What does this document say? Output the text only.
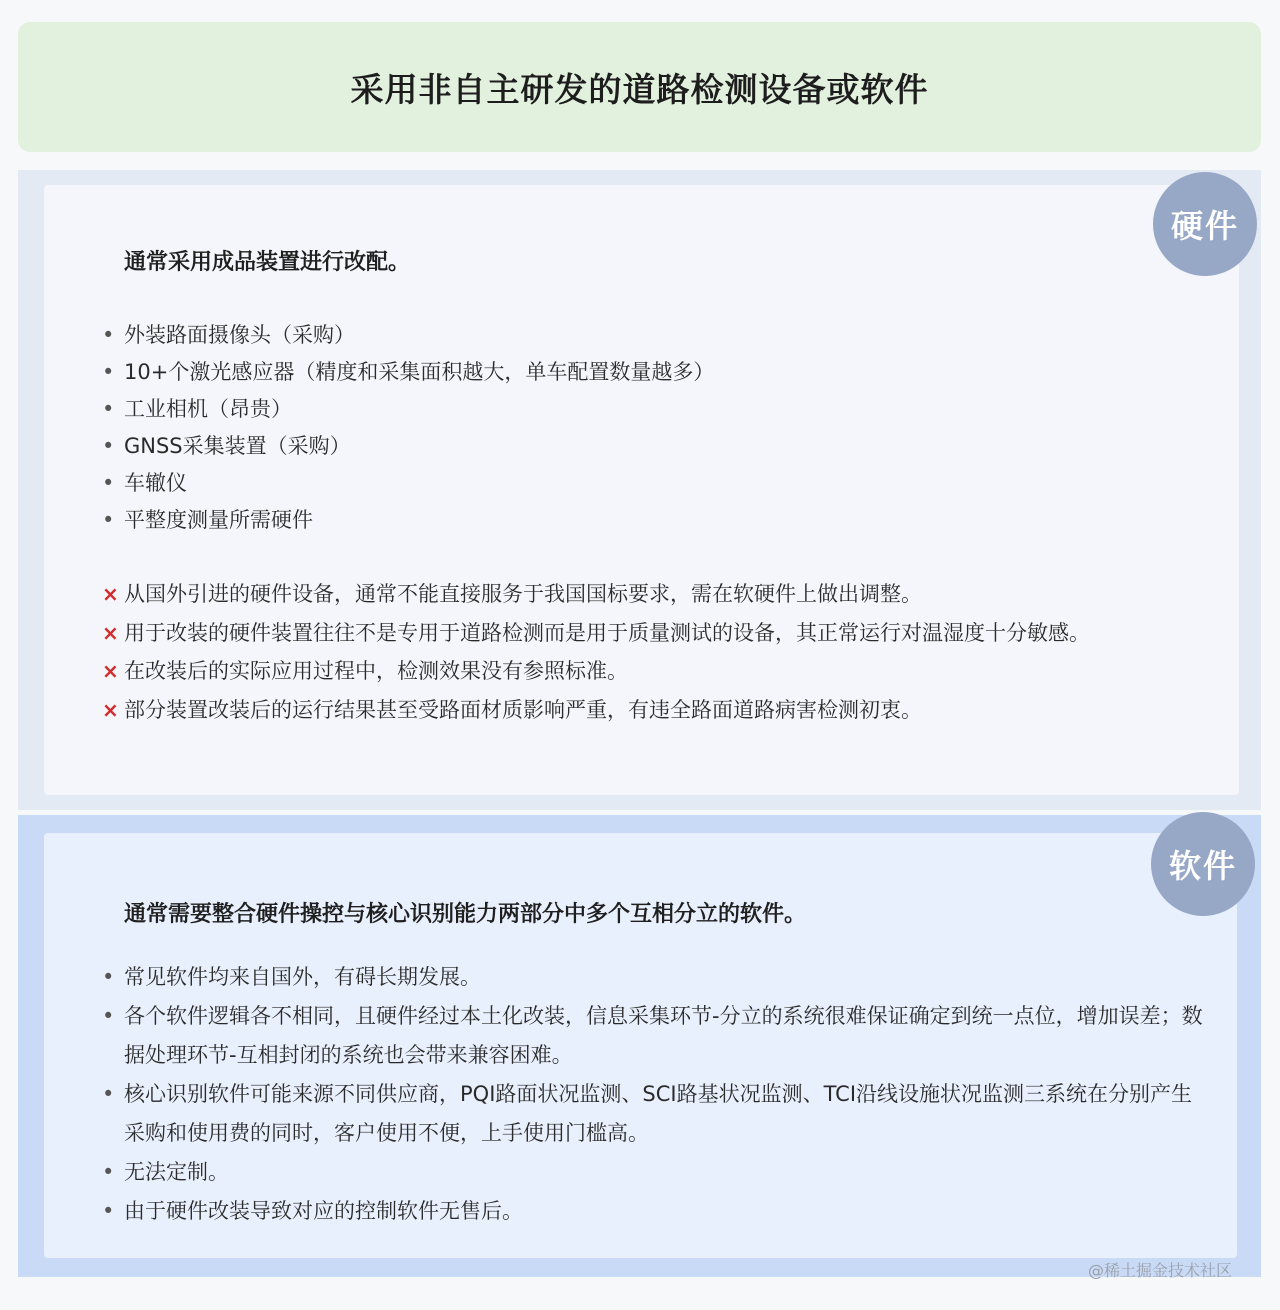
采用非自主研发的道路检测设备或软件
通常采用成品装置进行改配。
• 外装路面摄像头（采购）
• 10+个激光感应器（精度和采集面积越大，单车配置数量越多）
• 工业相机（昂贵）
• GNSS采集装置（采购）
• 车辙仪
• 平整度测量所需硬件
× 从国外引进的硬件设备，通常不能直接服务于我国国标要求，需在软硬件上做出调整。
× 用于改装的硬件装置往往不是专用于道路检测而是用于质量测试的设备，其正常运行对温湿度十分敏感。
× 在改装后的实际应用过程中，检测效果没有参照标准。
× 部分装置改装后的运行结果甚至受路面材质影响严重，有违全路面道路病害检测初衷。
硬件
通常需要整合硬件操控与核心识别能力两部分中多个互相分立的软件。
• 常见软件均来自国外，有碍长期发展。
• 各个软件逻辑各不相同，且硬件经过本土化改装，信息采集环节-分立的系统很难保证确定到统一点位，增加误差；数据处理环节-互相封闭的系统也会带来兼容困难。
• 核心识别软件可能来源不同供应商，PQI路面状况监测、SCI路基状况监测、TCI沿线设施状况监测三系统在分别产生采购和使用费的同时，客户使用不便，上手使用门槛高。
• 无法定制。
• 由于硬件改装导致对应的控制软件无售后。
软件
@稀土掘金技术社区
